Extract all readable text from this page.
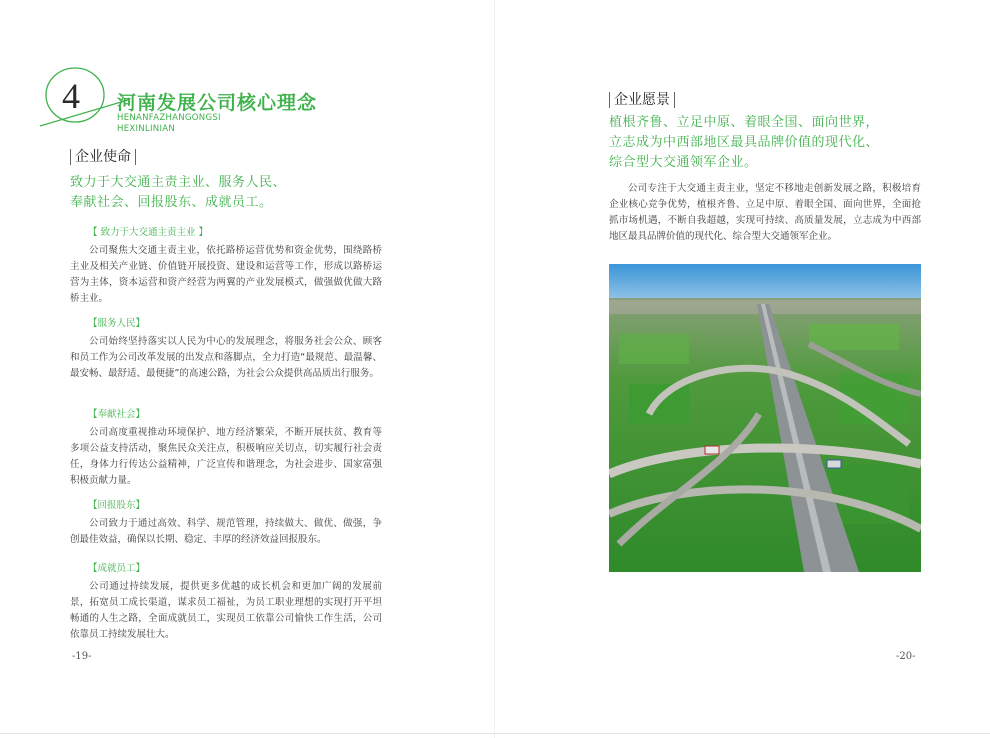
4 河南发展公司核心理念
HENANFAZHANGONGSI
HEXINLINIAN
企业使命
致力于大交通主责主业、服务人民、
奉献社会、回报股东、成就员工。
【 致力于大交通主责主业 】

公司聚焦大交通主责主业，依托路桥运营优势和资金优势，围绕路桥主业及相关产业链、价值链开展投资、建设和运营等工作，形成以路桥运营为主体，资本运营和资产经营为两翼的产业发展模式，做强做优做大路桥主业。

【服务人民】

公司始终坚持落实以人民为中心的发展理念，将服务社会公众、顾客和员工作为公司改革发展的出发点和落脚点，全力打造“最规范、最温馨、最安畅、最舒适、最便捷”的高速公路，为社会公众提供高品质出行服务。

【奉献社会】

公司高度重视推动环境保护、地方经济繁荣，不断开展扶贫、教育等多项公益支持活动，聚焦民众关注点，积极响应关切点，切实履行社会责任，身体力行传达公益精神，广泛宣传和谐理念，为社会进步、国家富强积极贡献力量。

【回报股东】

公司致力于通过高效、科学、规范管理，持续做大、做优、做强，争创最佳效益，确保以长期、稳定、丰厚的经济效益回报股东。

【成就员工】

公司通过持续发展，提供更多优越的成长机会和更加广阔的发展前景，拓宽员工成长渠道，谋求员工福祉，为员工职业理想的实现打开平坦畅通的人生之路，全面成就员工，实现员工依靠公司愉快工作生活，公司依靠员工持续发展壮大。

-19-
企业愿景
植根齐鲁、立足中原、着眼全国、面向世界，
立志成为中西部地区最具品牌价值的现代化、
综合型大交通领军企业。

公司专注于大交通主责主业，坚定不移地走创新发展之路，积极培育企业核心竞争优势，植根齐鲁、立足中原、着眼全国、面向世界，全面抢抓市场机遇，不断自我超越，实现可持续、高质量发展，立志成为中西部地区最具品牌价值的现代化、综合型大交通领军企业。

-20-
